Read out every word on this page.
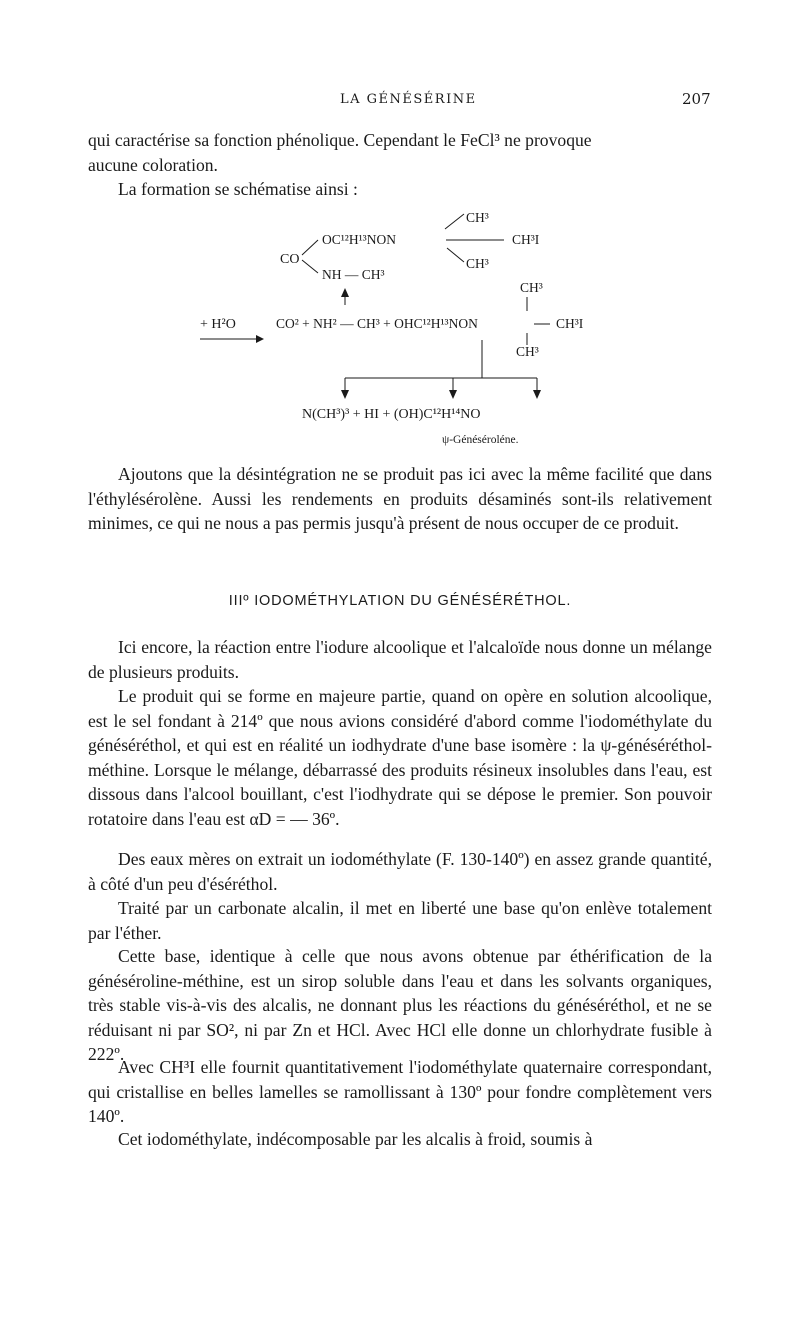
LA GÉNÉSÉRINE	207

qui caractérise sa fonction phénolique. Cependant le FeCl³ ne provoque
aucune coloration.

La formation se schématise ainsi :

CH³
CO
OC¹²H¹³NON	CH³I
CH³
NH — CH³
CH³
+ H²O	CO² + NH² — CH³ + OHC¹²H¹³NON	CH³I
CH³
N(CH³)³ + HI + (OH)C¹²H¹⁴NO
ψ-Généséroléne.

Ajoutons que la désintégration ne se produit pas ici avec la même facilité que dans l'éthylésérolène. Aussi les rendements en produits désaminés sont-ils relativement minimes, ce qui ne nous a pas permis jusqu'à présent de nous occuper de ce produit.

IIIº IODOMÉTHYLATION DU GÉNÉSÉRÉTHOL.

Ici encore, la réaction entre l'iodure alcoolique et l'alcaloïde nous donne un mélange de plusieurs produits.

Le produit qui se forme en majeure partie, quand on opère en solution alcoolique, est le sel fondant à 214º que nous avions considéré d'abord comme l'iodométhylate du généséréthol, et qui est en réalité un iodhydrate d'une base isomère : la ψ-généséréthol-méthine. Lorsque le mélange, débarrassé des produits résineux insolubles dans l'eau, est dissous dans l'alcool bouillant, c'est l'iodhydrate qui se dépose le premier. Son pouvoir rotatoire dans l'eau est αD = — 36º.

Des eaux mères on extrait un iodométhylate (F. 130-140º) en assez grande quantité, à côté d'un peu d'éséréthol.

Traité par un carbonate alcalin, il met en liberté une base qu'on enlève totalement par l'éther.

Cette base, identique à celle que nous avons obtenue par éthérification de la généséroline-méthine, est un sirop soluble dans l'eau et dans les solvants organiques, très stable vis-à-vis des alcalis, ne donnant plus les réactions du généséréthol, et ne se réduisant ni par SO², ni par Zn et HCl. Avec HCl elle donne un chlorhydrate fusible à 222º.

Avec CH³I elle fournit quantitativement l'iodométhylate quaternaire correspondant, qui cristallise en belles lamelles se ramollissant à 130º pour fondre complètement vers 140º.

Cet iodométhylate, indécomposable par les alcalis à froid, soumis à
